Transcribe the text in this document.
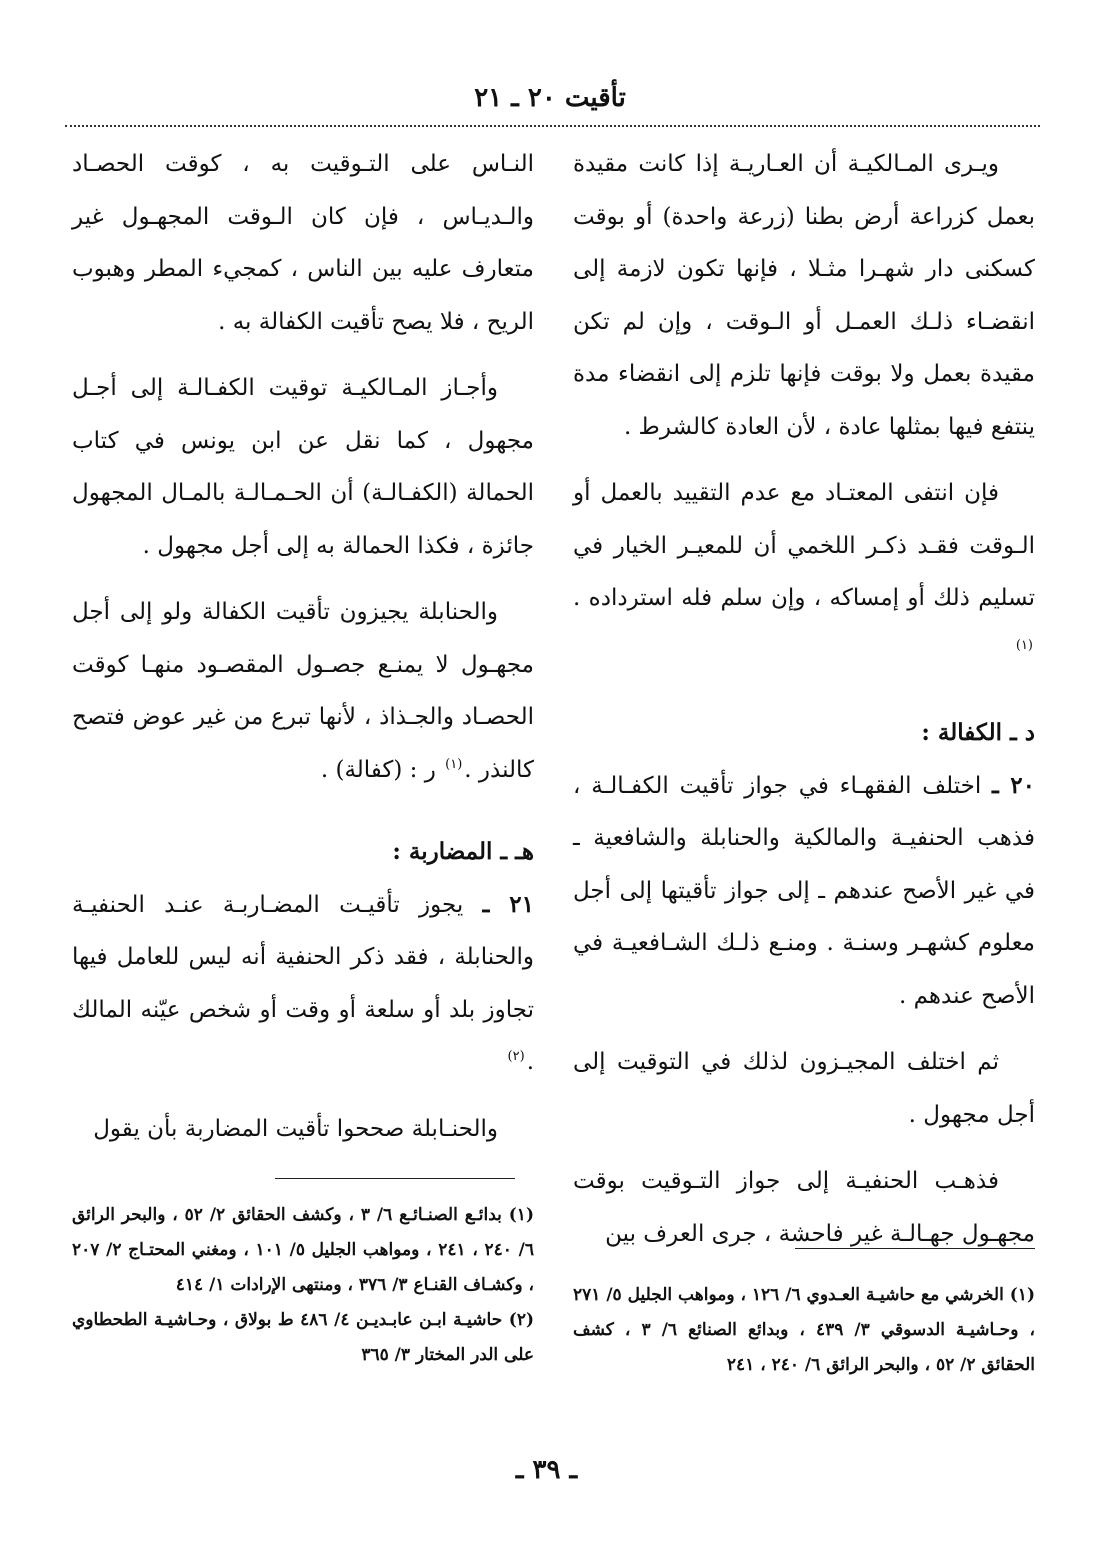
تأقيت ٢٠ ـ ٢١

ويـرى المـالكيـة أن العـاريـة إذا كانت مقيدة بعمل كزراعة أرض بطنا (زرعة واحدة) أو بوقت كسكنى دار شهـرا مثـلا ، فإنها تكون لازمة إلى انقضـاء ذلـك العمـل أو الـوقت ، وإن لم تكن مقيدة بعمل ولا بوقت فإنها تلزم إلى انقضاء مدة ينتفع فيها بمثلها عادة ، لأن العادة كالشرط .

فإن انتفى المعتـاد مع عدم التقييد بالعمل أو الـوقت فقـد ذكـر اللخمي أن للمعيـر الخيار في تسليم ذلك أو إمساكه ، وإن سلم فله استرداده .$^{(١)}$

د ـ الكفالة :

٢٠ ـ اختلف الفقهـاء في جواز تأقيت الكفـالـة ، فذهب الحنفيـة والمالكية والحنابلة والشافعية ـ في غير الأصح عندهم ـ إلى جواز تأقيتها إلى أجل معلوم كشهـر وسنـة . ومنـع ذلـك الشـافعيـة في الأصح عندهم .

ثم اختلف المجيـزون لذلك في التوقيت إلى أجل مجهول .

فذهـب الحنفيـة إلى جواز التـوقيت بوقت مجهـول جهـالـة غير فاحشة ، جرى العرف بين

النـاس على التـوقيت به ، كوقت الحصـاد والـديـاس ، فإن كان الـوقت المجهـول غير متعارف عليه بين الناس ، كمجيء المطر وهبوب الريح ، فلا يصح تأقيت الكفالة به .

وأجـاز المـالكيـة توقيت الكفـالـة إلى أجـل مجهول ، كما نقل عن ابن يونس في كتاب الحمالة (الكفـالـة) أن الحـمـالـة بالمـال المجهول جائزة ، فكذا الحمالة به إلى أجل مجهول .

والحنابلة يجيزون تأقيت الكفالة ولو إلى أجل مجهـول لا يمنـع جصـول المقصـود منهـا كوقت الحصـاد والجـذاذ ، لأنها تبرع من غير عوض فتصح كالنذر .$^{(١)}$ ر : (كفالة) .

هـ ـ المضاربة :

٢١ ـ يجوز تأقيـت المضـاربـة عنـد الحنفيـة والحنابلة ، فقد ذكر الحنفية أنه ليس للعامل فيها تجاوز بلد أو سلعة أو وقت أو شخص عيّنه المالك .$^{(٢)}$

والحنـابلة صححوا تأقيت المضاربة بأن يقول

(١) الخرشي مع حاشيـة العـدوي ٦/ ١٢٦ ، ومواهب الجليل ٥/ ٢٧١ ، وحـاشيـة الدسوقي ٣/ ٤٣٩ ، وبدائع الصنائع ٦/ ٣ ، كشف الحقائق ٢/ ٥٢ ، والبحر الرائق ٦/ ٢٤٠ ، ٢٤١

(١) بدائـع الصنـائـع ٦/ ٣ ، وكشف الحقائق ٢/ ٥٢ ، والبحر الرائق ٦/ ٢٤٠ ، ٢٤١ ، ومواهب الجليل ٥/ ١٠١ ، ومغني المحتـاج ٢/ ٢٠٧ ، وكشـاف القنـاع ٣/ ٣٧٦ ، ومنتهى الإرادات ١/ ٤١٤

(٢) حاشيـة ابـن عابـديـن ٤/ ٤٨٦ ط بولاق ، وحـاشيـة الطحطاوي على الدر المختار ٣/ ٣٦٥

ـ ٣٩ ـ
